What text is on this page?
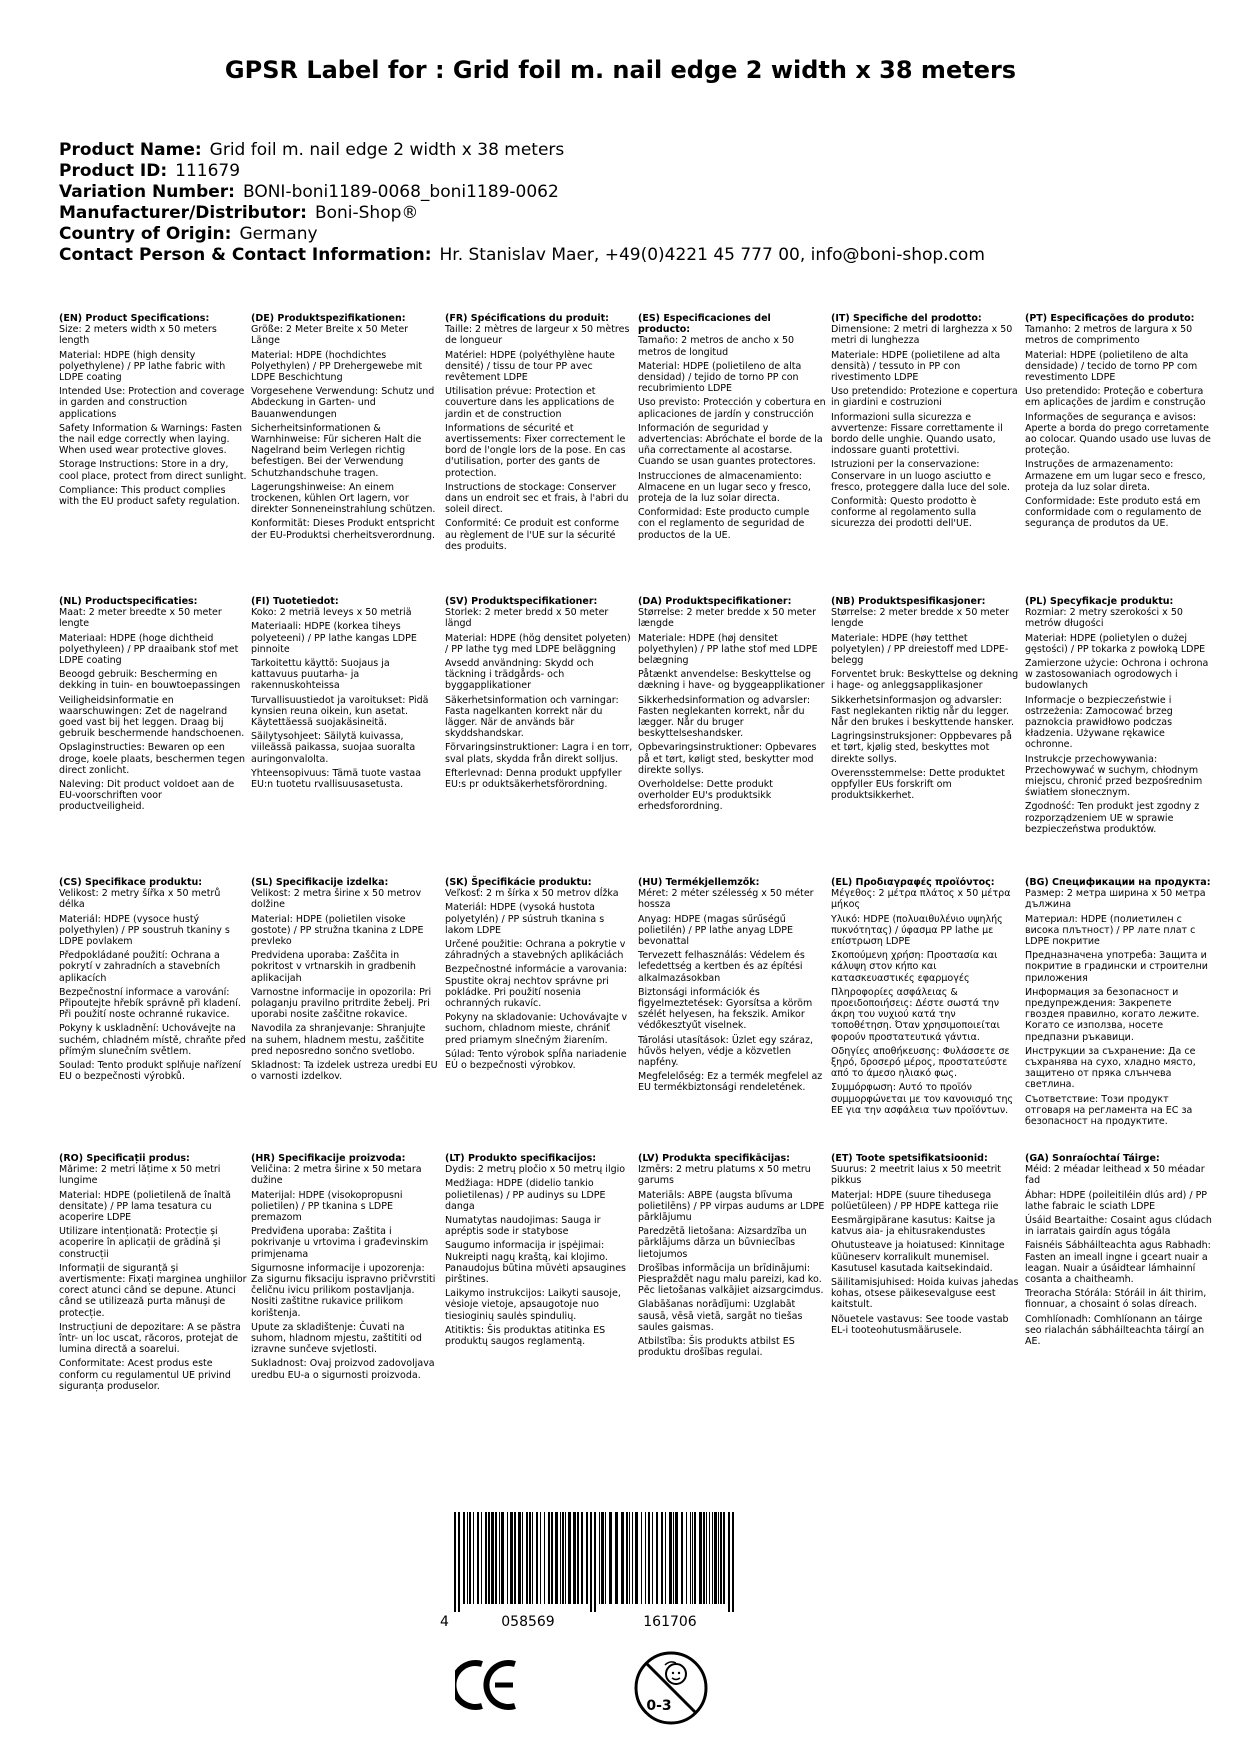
GPSR Label for : Grid foil m. nail edge 2 width x 38 meters
Product Name: Grid foil m. nail edge 2 width x 38 meters
Product ID: 111679
Variation Number: BONI-boni1189-0068_boni1189-0062
Manufacturer/Distributor: Boni-Shop®
Country of Origin: Germany
Contact Person & Contact Information: Hr. Stanislav Maer, +49(0)4221 45 777 00, info@boni-shop.com
(EN) Product Specifications:

Size: 2 meters width x 50 meters length

Material: HDPE (high density polyethylene) / PP lathe fabric with LDPE coating

Intended Use: Protection and coverage in garden and construction applications

Safety Information & Warnings: Fasten the nail edge correctly when laying. When used wear protective gloves.

Storage Instructions: Store in a dry, cool place, protect from direct sunlight.

Compliance: This product complies with the EU product safety regulation.

(DE) Produktspezifikationen:

Größe: 2 Meter Breite x 50 Meter Länge

Material: HDPE (hochdichtes Polyethylen) / PP Drehergewebe mit LDPE Beschichtung

Vorgesehene Verwendung: Schutz und Abdeckung in Garten- und Bauanwendungen

Sicherheitsinformationen & Warnhinweise: Für sicheren Halt die Nagelrand beim Verlegen richtig befestigen. Bei der Verwendung Schutzhandschuhe tragen.

Lagerungshinweise: An einem trockenen, kühlen Ort lagern, vor direkter Sonneneinstrahlung schützen.

Konformität: Dieses Produkt entspricht der EU-Produktsi cherheitsverordnung.

(FR) Spécifications du produit:

Taille: 2 mètres de largeur x 50 mètres de longueur

Matériel: HDPE (polyéthylène haute densité) / tissu de tour PP avec revêtement LDPE

Utilisation prévue: Protection et couverture dans les applications de jardin et de construction

Informations de sécurité et avertissements: Fixer correctement le bord de l'ongle lors de la pose. En cas d'utilisation, porter des gants de protection.

Instructions de stockage: Conserver dans un endroit sec et frais, à l'abri du soleil direct.

Conformité: Ce produit est conforme au règlement de l'UE sur la sécurité des produits.

(ES) Especificaciones del producto:

Tamaño: 2 metros de ancho x 50 metros de longitud

Material: HDPE (polietileno de alta densidad) / tejido de torno PP con recubrimiento LDPE

Uso previsto: Protección y cobertura en aplicaciones de jardín y construcción

Información de seguridad y advertencias: Abróchate el borde de la uña correctamente al acostarse. Cuando se usan guantes protectores.

Instrucciones de almacenamiento: Almacene en un lugar seco y fresco, proteja de la luz solar directa.

Conformidad: Este producto cumple con el reglamento de seguridad de productos de la UE.

(IT) Specifiche del prodotto:

Dimensione: 2 metri di larghezza x 50 metri di lunghezza

Materiale: HDPE (polietilene ad alta densità) / tessuto in PP con rivestimento LDPE

Uso pretendido: Protezione e copertura in giardini e costruzioni

Informazioni sulla sicurezza e avvertenze: Fissare correttamente il bordo delle unghie. Quando usato, indossare guanti protettivi.

Istruzioni per la conservazione: Conservare in un luogo asciutto e fresco, proteggere dalla luce del sole.

Conformità: Questo prodotto è conforme al regolamento sulla sicurezza dei prodotti dell'UE.

(PT) Especificações do produto:

Tamanho: 2 metros de largura x 50 metros de comprimento

Material: HDPE (polietileno de alta densidade) / tecido de torno PP com revestimento LDPE

Uso pretendido: Proteção e cobertura em aplicações de jardim e construção

Informações de segurança e avisos: Aperte a borda do prego corretamente ao colocar. Quando usado use luvas de proteção.

Instruções de armazenamento: Armazene em um lugar seco e fresco, proteja da luz solar direta.

Conformidade: Este produto está em conformidade com o regulamento de segurança de produtos da UE.

(NL) Productspecificaties:

Maat: 2 meter breedte x 50 meter lengte

Materiaal: HDPE (hoge dichtheid polyethyleen) / PP draaibank stof met LDPE coating

Beoogd gebruik: Bescherming en dekking in tuin- en bouwtoepassingen

Veiligheidsinformatie en waarschuwingen: Zet de nagelrand goed vast bij het leggen. Draag bij gebruik beschermende handschoenen.

Opslaginstructies: Bewaren op een droge, koele plaats, beschermen tegen direct zonlicht.

Naleving: Dit product voldoet aan de EU-voorschriften voor productveiligheid.

(FI) Tuotetiedot:

Koko: 2 metriä leveys x 50 metriä

Materiaali: HDPE (korkea tiheys polyeteeni) / PP lathe kangas LDPE pinnoite

Tarkoitettu käyttö: Suojaus ja kattavuus puutarha- ja rakennuskohteissa

Turvallisuustiedot ja varoitukset: Pidä kynsien reuna oikein, kun asetat. Käytettäessä suojakäsineitä.

Säilytysohjeet: Säilytä kuivassa, viileässä paikassa, suojaa suoralta auringonvalolta.

Yhteensopivuus: Tämä tuote vastaa EU:n tuotetu rvallisuusasetusta.

(SV) Produktspecifikationer:

Storlek: 2 meter bredd x 50 meter längd

Material: HDPE (hög densitet polyeten) / PP lathe tyg med LDPE beläggning

Avsedd användning: Skydd och täckning i trädgårds- och byggapplikationer

Säkerhetsinformation och varningar: Fasta nagelkanten korrekt när du lägger. När de används bär skyddshandskar.

Förvaringsinstruktioner: Lagra i en torr, sval plats, skydda från direkt solljus.

Efterlevnad: Denna produkt uppfyller EU:s pr oduktsäkerhetsförordning.

(DA) Produktspecifikationer:

Størrelse: 2 meter bredde x 50 meter længde

Materiale: HDPE (høj densitet polyethylen) / PP lathe stof med LDPE belægning

Påtænkt anvendelse: Beskyttelse og dækning i have- og byggeapplikationer

Sikkerhedsinformation og advarsler: Fasten neglekanten korrekt, når du lægger. Når du bruger beskyttelseshandsker.

Opbevaringsinstruktioner: Opbevares på et tørt, køligt sted, beskytter mod direkte sollys.

Overholdelse: Dette produkt overholder EU's produktsikk erhedsforordning.

(NB) Produktspesifikasjoner:

Størrelse: 2 meter bredde x 50 meter lengde

Materiale: HDPE (høy tetthet polyetylen) / PP dreiestoff med LDPE-belegg

Forventet bruk: Beskyttelse og dekning i hage- og anleggsapplikasjoner

Sikkerhetsinformasjon og advarsler: Fast neglekanten riktig når du legger. Når den brukes i beskyttende hansker.

Lagringsinstruksjoner: Oppbevares på et tørt, kjølig sted, beskyttes mot direkte sollys.

Overensstemmelse: Dette produktet oppfyller EUs forskrift om produktsikkerhet.

(PL) Specyfikacje produktu:

Rozmiar: 2 metry szerokości x 50 metrów długości

Materiał: HDPE (polietylen o dużej gęstości) / PP tokarka z powłoką LDPE

Zamierzone użycie: Ochrona i ochrona w zastosowaniach ogrodowych i budowlanych

Informacje o bezpieczeństwie i ostrzeżenia: Zamocować brzeg paznokcia prawidłowo podczas kładzenia. Używane rękawice ochronne.

Instrukcje przechowywania: Przechowywać w suchym, chłodnym miejscu, chronić przed bezpośrednim światłem słonecznym.

Zgodność: Ten produkt jest zgodny z rozporządzeniem UE w sprawie bezpieczeństwa produktów.

(CS) Specifikace produktu:

Velikost: 2 metry šířka x 50 metrů délka

Materiál: HDPE (vysoce hustý polyethylen) / PP soustruh tkaniny s LDPE povlakem

Předpokládané použití: Ochrana a pokrytí v zahradních a stavebních aplikacích

Bezpečnostní informace a varování: Připoutejte hřebík správně při kladení. Při použití noste ochranné rukavice.

Pokyny k uskladnění: Uchovávejte na suchém, chladném místě, chraňte před přímým slunečním světlem.

Soulad: Tento produkt splňuje nařízení EU o bezpečnosti výrobků.

(SL) Specifikacije izdelka:

Velikost: 2 metra širine x 50 metrov dolžine

Material: HDPE (polietilen visoke gostote) / PP stružna tkanina z LDPE prevleko

Predvidena uporaba: Zaščita in pokritost v vrtnarskih in gradbenih aplikacijah

Varnostne informacije in opozorila: Pri polaganju pravilno pritrdite žebelj. Pri uporabi nosite zaščitne rokavice.

Navodila za shranjevanje: Shranjujte na suhem, hladnem mestu, zaščitite pred neposredno sončno svetlobo.

Skladnost: Ta izdelek ustreza uredbi EU o varnosti izdelkov.

(SK) Špecifikácie produktu:

Veľkosť: 2 m šírka x 50 metrov dĺžka

Materiál: HDPE (vysoká hustota polyetylén) / PP sústruh tkanina s lakom LDPE

Určené použitie: Ochrana a pokrytie v záhradných a stavebných aplikáciách

Bezpečnostné informácie a varovania: Spustite okraj nechtov správne pri pokládke. Pri použití nosenia ochranných rukavíc.

Pokyny na skladovanie: Uchovávajte v suchom, chladnom mieste, chrániť pred priamym slnečným žiarením.

Súlad: Tento výrobok spĺňa nariadenie EÚ o bezpečnosti výrobkov.

(HU) Termékjellemzők:

Méret: 2 méter szélesség x 50 méter hossza

Anyag: HDPE (magas sűrűségű polietilén) / PP lathe anyag LDPE bevonattal

Tervezett felhasználás: Védelem és lefedettség a kertben és az építési alkalmazásokban

Biztonsági információk és figyelmeztetések: Gyorsítsa a köröm szélét helyesen, ha fekszik. Amikor védőkesztyűt viselnek.

Tárolási utasítások: Üzlet egy száraz, hűvös helyen, védje a közvetlen napfény.

Megfelelőség: Ez a termék megfelel az EU termékbiztonsági rendeletének.

(EL) Προδιαγραφές προϊόντος:

Μέγεθος: 2 μέτρα πλάτος x 50 μέτρα μήκος

Υλικό: HDPE (πολυαιθυλένιο υψηλής πυκνότητας) / ύφασμα PP lathe με επίστρωση LDPE

Σκοπούμενη χρήση: Προστασία και κάλυψη στον κήπο και κατασκευαστικές εφαρμογές

Πληροφορίες ασφάλειας & προειδοποιήσεις: Δέστε σωστά την άκρη του νυχιού κατά την τοποθέτηση. Όταν χρησιμοποιείται φορούν προστατευτικά γάντια.

Οδηγίες αποθήκευσης: Φυλάσσετε σε ξηρό, δροσερό μέρος, προστατεύστε από το άμεσο ηλιακό φως.

Συμμόρφωση: Αυτό το προϊόν συμμορφώνεται με τον κανονισμό της ΕΕ για την ασφάλεια των προϊόντων.

(BG) Спецификации на продукта:

Размер: 2 метра ширина x 50 метра дължина

Материал: HDPE (полиетилен с висока плътност) / PP лате плат с LDPE покритие

Предназначена употреба: Защита и покритие в градински и строителни приложения

Информация за безопасност и предупреждения: Закрепете гвоздея правилно, когато лежите. Когато се използва, носете предпазни ръкавици.

Инструкции за съхранение: Да се съхранява на сухо, хладно място, защитено от пряка слънчева светлина.

Съответствие: Този продукт отговаря на регламента на ЕС за безопасност на продуктите.

(RO) Specificații produs:

Mărime: 2 metri lățime x 50 metri lungime

Material: HDPE (polietilenă de înaltă densitate) / PP lama tesatura cu acoperire LDPE

Utilizare intenționată: Protecție și acoperire în aplicații de grădină și construcții

Informații de siguranță și avertismente: Fixați marginea unghiilor corect atunci când se depune. Atunci când se utilizează purta mănuși de protecție.

Instrucțiuni de depozitare: A se păstra într- un loc uscat, răcoros, protejat de lumina directă a soarelui.

Conformitate: Acest produs este conform cu regulamentul UE privind siguranța produselor.

(HR) Specifikacije proizvoda:

Veličina: 2 metra širine x 50 metara dužine

Materijal: HDPE (visokopropusni polietilen) / PP tkanina s LDPE premazom

Predviđena uporaba: Zaštita i pokrivanje u vrtovima i građevinskim primjenama

Sigurnosne informacije i upozorenja: Za sigurnu fiksaciju ispravno pričvrstiti čeličnu ivicu prilikom postavljanja. Nositi zaštitne rukavice prilikom korištenja.

Upute za skladištenje: Čuvati na suhom, hladnom mjestu, zaštititi od izravne sunčeve svjetlosti.

Sukladnost: Ovaj proizvod zadovoljava uredbu EU-a o sigurnosti proizvoda.

(LT) Produkto specifikacijos:

Dydis: 2 metrų pločio x 50 metrų ilgio

Medžiaga: HDPE (didelio tankio polietilenas) / PP audinys su LDPE danga

Numatytas naudojimas: Sauga ir apréptis sode ir statybose

Saugumo informacija ir įspėjimai: Nukreipti nagų kraštą, kai klojimo. Panaudojus būtina mūvėti apsaugines pirštines.

Laikymo instrukcijos: Laikyti sausoje, vėsioje vietoje, apsaugotoje nuo tiesioginių saulės spindulių.

Atitiktis: Šis produktas atitinka ES produktų saugos reglamentą.

(LV) Produkta specifikācijas:

Izmērs: 2 metru platums x 50 metru garums

Materiāls: ABPE (augsta blīvuma polietilēns) / PP virpas audums ar LDPE pārklājumu

Paredzētā lietošana: Aizsardzība un pārklājums dārza un būvniecības lietojumos

Drošības informācija un brīdinājumi: Piespraždēt nagu malu pareizi, kad ko. Pēc lietošanas valkājiet aizsargcimdus.

Glabāšanas norādījumi: Uzglabāt sausā, vēsā vietā, sargāt no tiešas saules gaismas.

Atbilstība: Šis produkts atbilst ES produktu drošības regulai.

(ET) Toote spetsifikatsioonid:

Suurus: 2 meetrit laius x 50 meetrit pikkus

Materjal: HDPE (suure tihedusega polüetüleen) / PP HDPE kattega riie

Eesmärgipärane kasutus: Kaitse ja katvus aia- ja ehitusrakendustes

Ohutusteave ja hoiatused: Kinnitage küüneserv korralikult munemisel. Kasutusel kasutada kaitsekindaid.

Säilitamisjuhised: Hoida kuivas jahedas kohas, otsese päikesevalguse eest kaitstult.

Nõuetele vastavus: See toode vastab EL-i tooteohutusmäärusele.

(GA) Sonraíochtaí Táirge:

Méid: 2 méadar leithead x 50 méadar fad

Ábhar: HDPE (poileitiléin dlús ard) / PP lathe fabraic le sciath LDPE

Úsáid Beartaithe: Cosaint agus clúdach in iarratais gairdín agus tógála

Faisnéis Sábháilteachta agus Rabhadh: Fasten an imeall ingne i gceart nuair a leagan. Nuair a úsáidtear lámhainní cosanta a chaitheamh.

Treoracha Stórála: Stóráil in áit thirim, fionnuar, a chosaint ó solas díreach.

Comhlíonadh: Comhlíonann an táirge seo rialachán sábháilteachta táirgí an AE.

4	058569	161706
0-3
